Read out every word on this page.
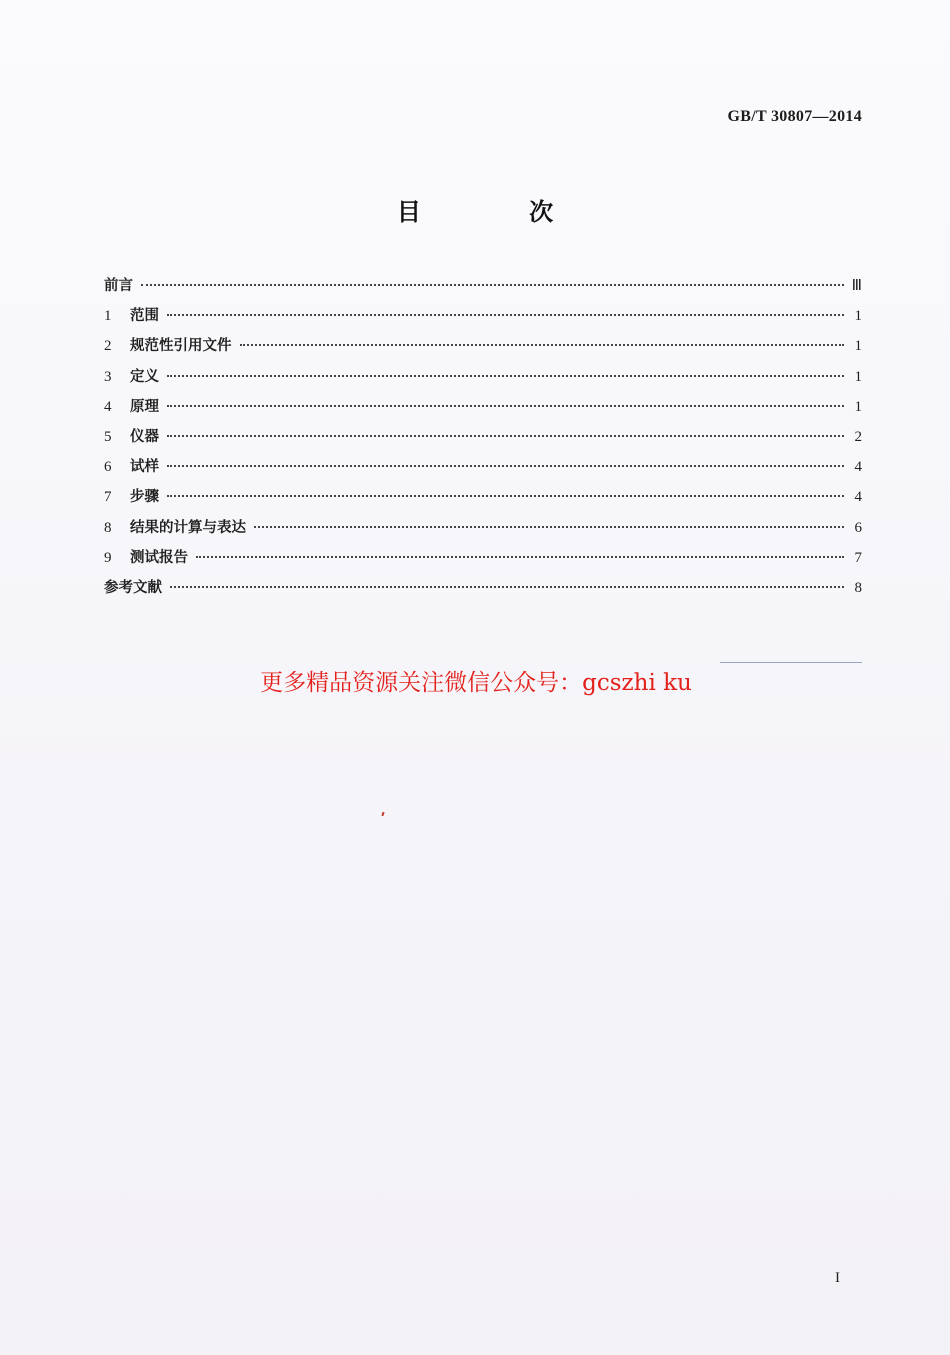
GB/T 30807—2014
目 次
前言	Ⅲ
1	范围	1
2	规范性引用文件	1
3	定义	1
4	原理	1
5	仪器	2
6	试样	4
7	步骤	4
8	结果的计算与表达	6
9	测试报告	7
参考文献	8
更多精品资源关注微信公众号：gcszhi ku
I
